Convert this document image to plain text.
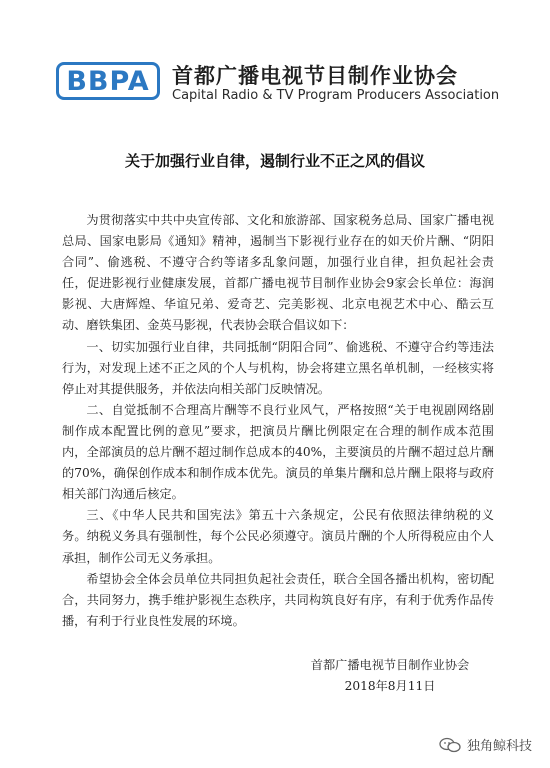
BBPA 首都广播电视节目制作业协会
Capital Radio & TV Program Producers Association
关于加强行业自律，遏制行业不正之风的倡议

为贯彻落实中共中央宣传部、文化和旅游部、国家税务总局、国家广播电视总局、国家电影局《通知》精神，遏制当下影视行业存在的如天价片酬、“阴阳合同”、偷逃税、不遵守合约等诸多乱象问题，加强行业自律，担负起社会责任，促进影视行业健康发展，首都广播电视节目制作业协会9家会长单位：海润影视、大唐辉煌、华谊兄弟、爱奇艺、完美影视、北京电视艺术中心、酷云互动、磨铁集团、金英马影视，代表协会联合倡议如下：

一、切实加强行业自律，共同抵制“阴阳合同”、偷逃税、不遵守合约等违法行为，对发现上述不正之风的个人与机构，协会将建立黑名单机制，一经核实将停止对其提供服务，并依法向相关部门反映情况。

二、自觉抵制不合理高片酬等不良行业风气，严格按照“关于电视剧网络剧制作成本配置比例的意见”要求，把演员片酬比例限定在合理的制作成本范围内，全部演员的总片酬不超过制作总成本的40%，主要演员的片酬不超过总片酬的70%，确保创作成本和制作成本优先。演员的单集片酬和总片酬上限将与政府相关部门沟通后核定。

三、《中华人民共和国宪法》第五十六条规定，公民有依照法律纳税的义务。纳税义务具有强制性，每个公民必须遵守。演员片酬的个人所得税应由个人承担，制作公司无义务承担。

希望协会全体会员单位共同担负起社会责任，联合全国各播出机构，密切配合，共同努力，携手维护影视生态秩序，共同构筑良好有序，有利于优秀作品传播，有利于行业良性发展的环境。

首都广播电视节目制作业协会
2018年8月11日
独角鲸科技
